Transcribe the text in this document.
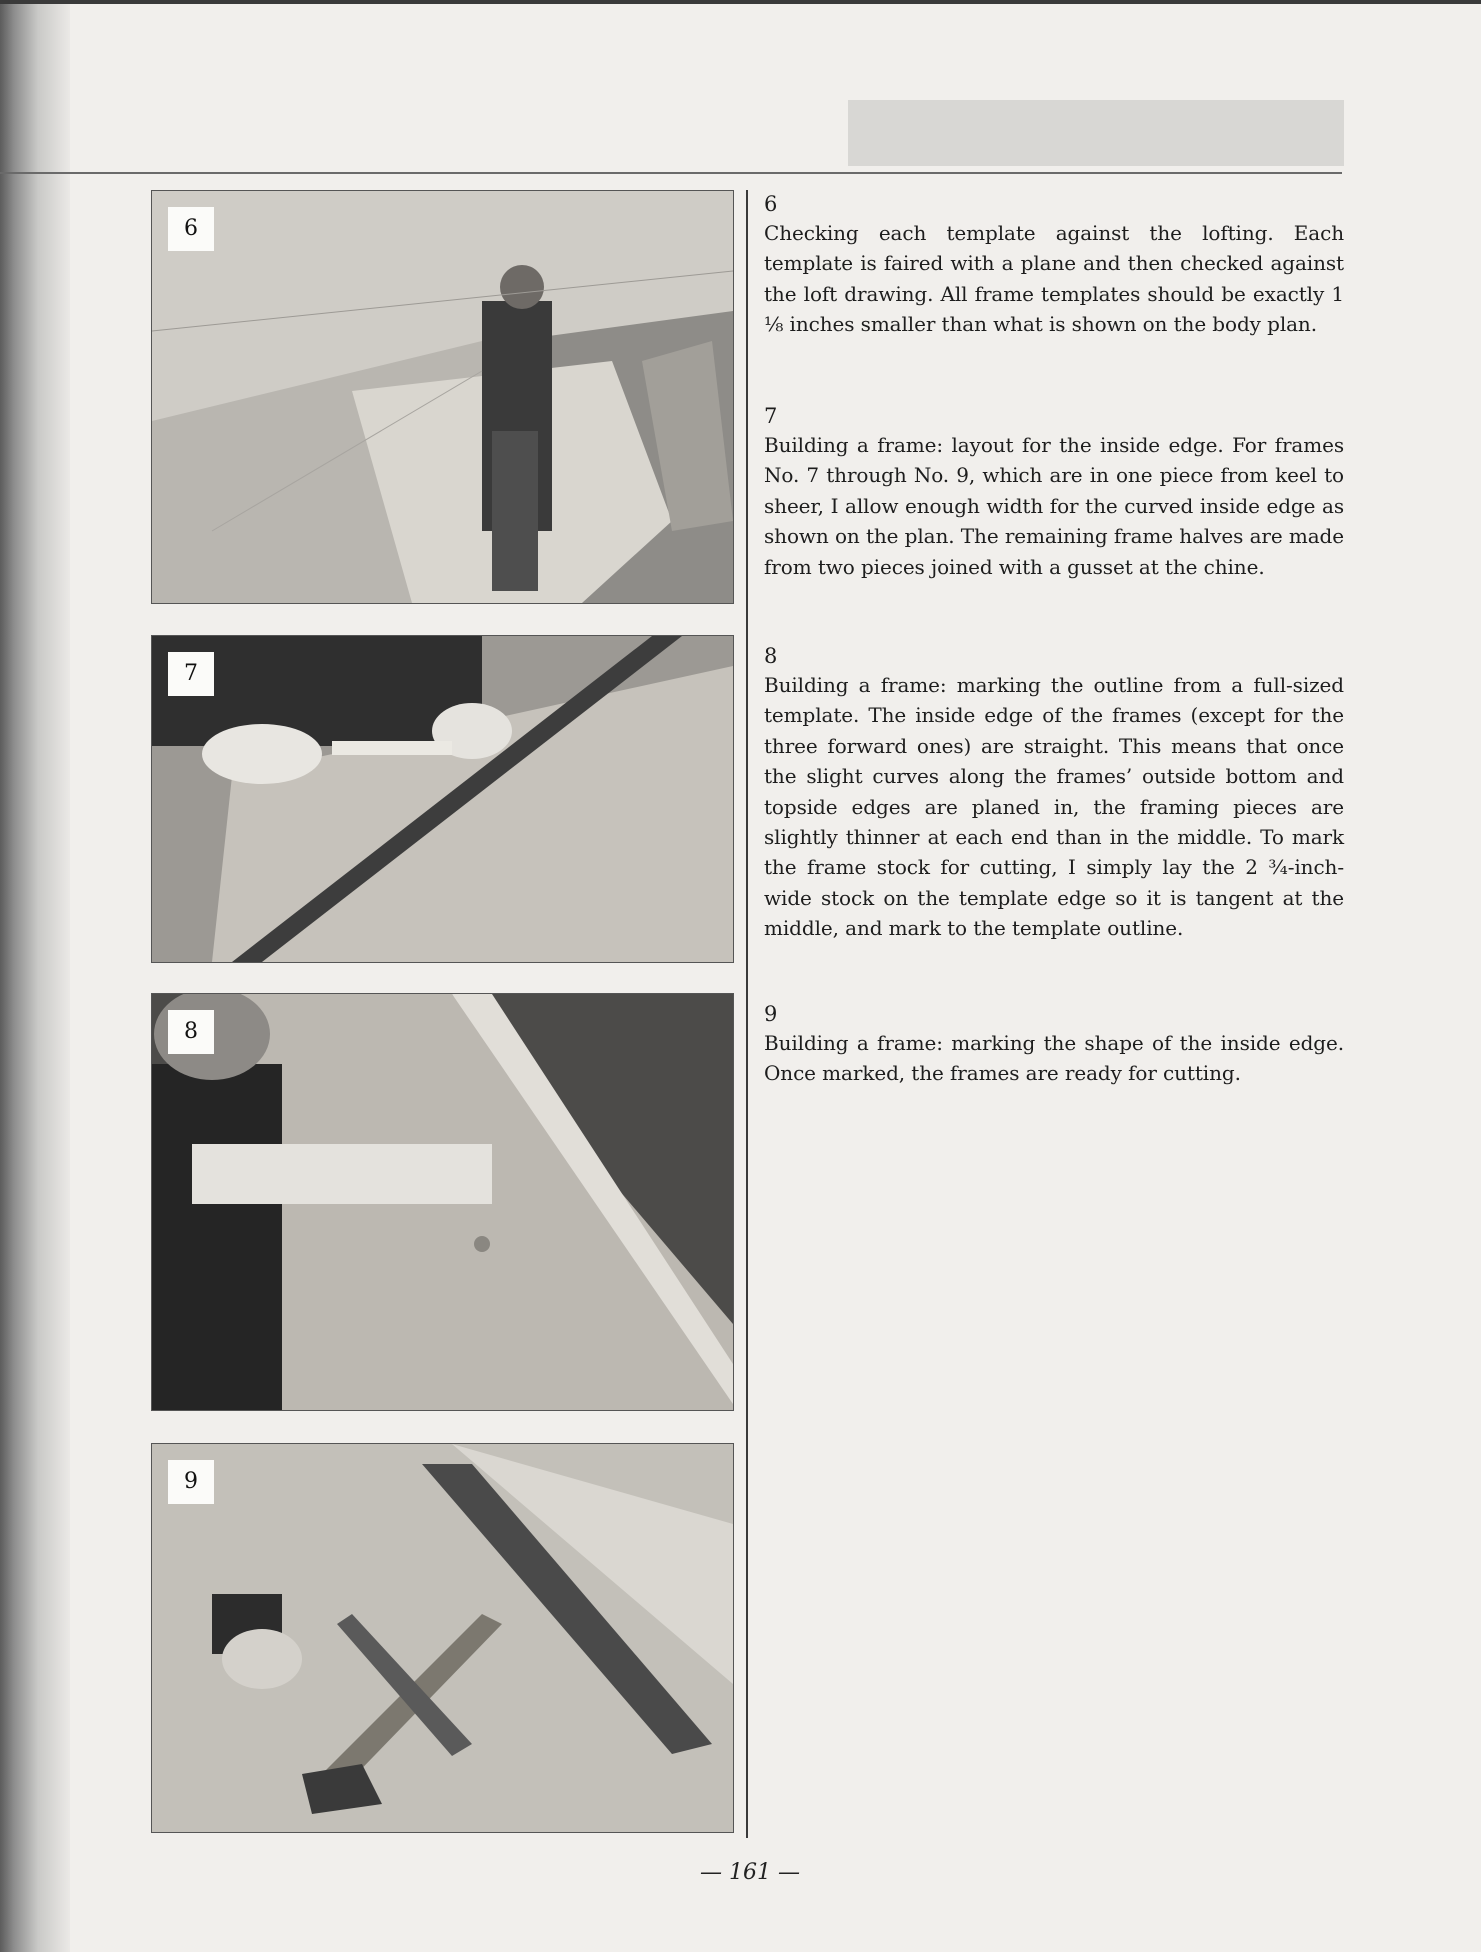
6
7
8
9
6

Checking each template against the lofting. Each template is faired with a plane and then checked against the loft drawing. All frame templates should be exactly 1 ⅛ inches smaller than what is shown on the body plan.

7

Building a frame: layout for the inside edge. For frames No. 7 through No. 9, which are in one piece from keel to sheer, I allow enough width for the curved inside edge as shown on the plan. The remaining frame halves are made from two pieces joined with a gusset at the chine.

8

Building a frame: marking the outline from a full-sized template. The inside edge of the frames (except for the three forward ones) are straight. This means that once the slight curves along the frames’ outside bottom and topside edges are planed in, the framing pieces are slightly thinner at each end than in the middle. To mark the frame stock for cutting, I simply lay the 2 ¾-inch-wide stock on the template edge so it is tangent at the middle, and mark to the template outline.

9

Building a frame: marking the shape of the inside edge. Once marked, the frames are ready for cutting.

— 161 —
